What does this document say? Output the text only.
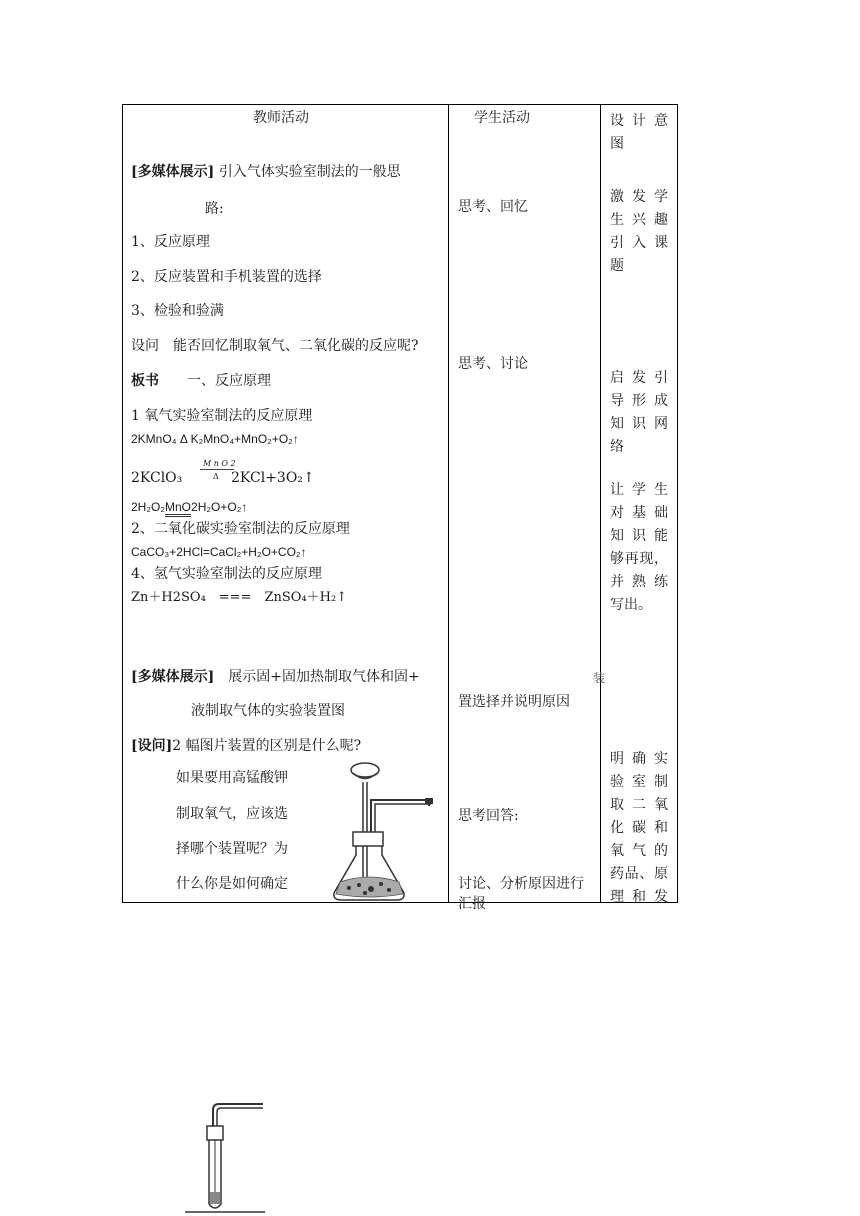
教师活动	学生活动	设 计 意
图
[多媒体展示] 引入气体实验室制法的一般思
路:
1、反应原理
2、反应装置和手机装置的选择
3、检验和验满
设问　能否回忆制取氧气、二氧化碳的反应呢?
板书　　 一、反应原理
1 氧气实验室制法的反应原理
2KMnO₄ Δ K₂MnO₄+MnO₂+O₂↑
2KClO₃
M n O 2
Δ 2KCl+3O₂↑
2H₂O₂MnO2H₂O+O₂↑
2、二氧化碳实验室制法的反应原理
CaCO₃+2HCl=CaCl₂+H₂O+CO₂↑
4、氢气实验室制法的反应原理
Zn＋H2SO₄　===　ZnSO₄＋H₂↑
[多媒体展示]　 展示固+固加热制取气体和固+
液制取气体的实验装置图
[设问]2 幅图片装置的区别是什么呢?
如果要用高锰酸钾
制取氧气，应该选
择哪个装置呢？为
什么你是如何确定
思考、回忆
思考、讨论
装
置选择并说明原因
思考回答:
讨论、分析原因进行
汇报
激 发 学
生 兴 趣
引 入 课
题
启 发 引
导 形 成
知 识 网
络
让 学 生
对 基 础
知 识 能
够再现，
并 熟 练
写出。
明 确 实
验 室 制
取 二 氧
化 碳 和
氧 气 的
药品、原
理 和 发
